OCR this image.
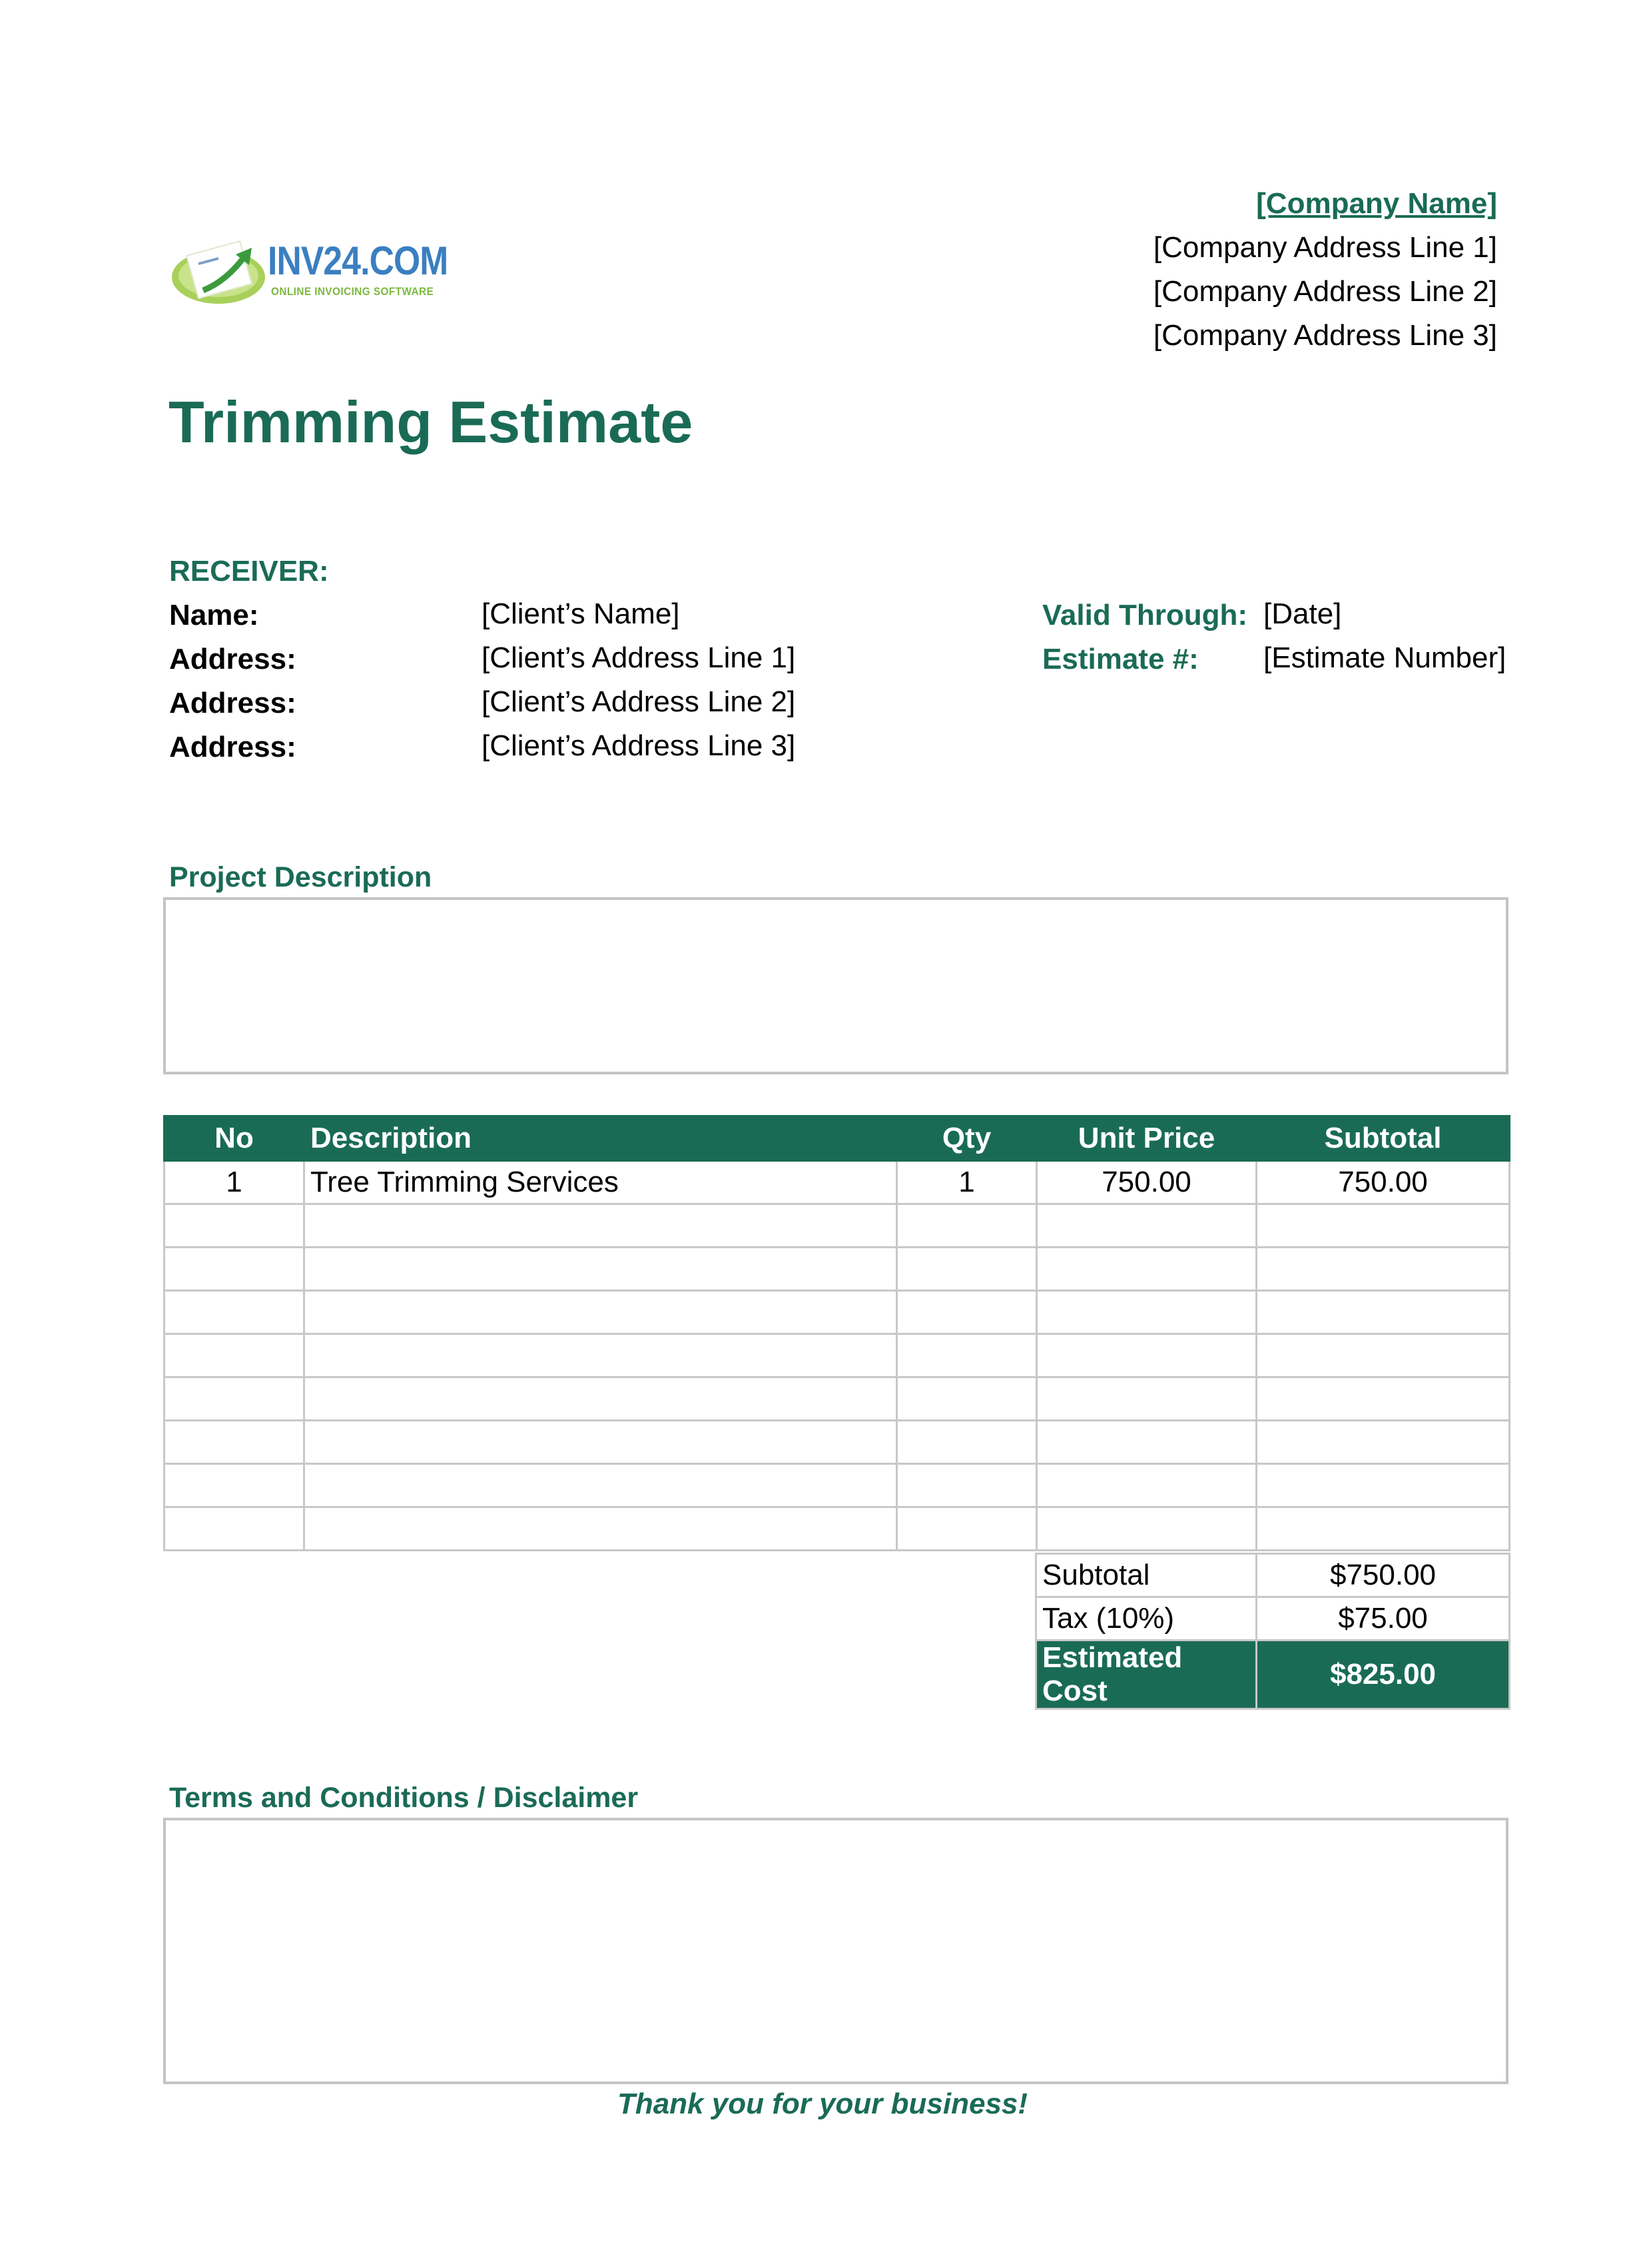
INV24.COM
ONLINE INVOICING SOFTWARE
[Company Name]
[Company Address Line 1]
[Company Address Line 2]
[Company Address Line 3]
Trimming Estimate
RECEIVER:
Name:	[Client’s Name]
Address:	[Client’s Address Line 1]
Address:	[Client’s Address Line 2]
Address:	[Client’s Address Line 3]
Valid Through: [Date]
Estimate #: [Estimate Number]
Project Description
No	Description	Qty	Unit Price	Subtotal
1	Tree Trimming Services	1	750.00	750.00

Subtotal	$750.00
Tax (10%)	$75.00
Estimated Cost	$825.00
Terms and Conditions / Disclaimer
Thank you for your business!
